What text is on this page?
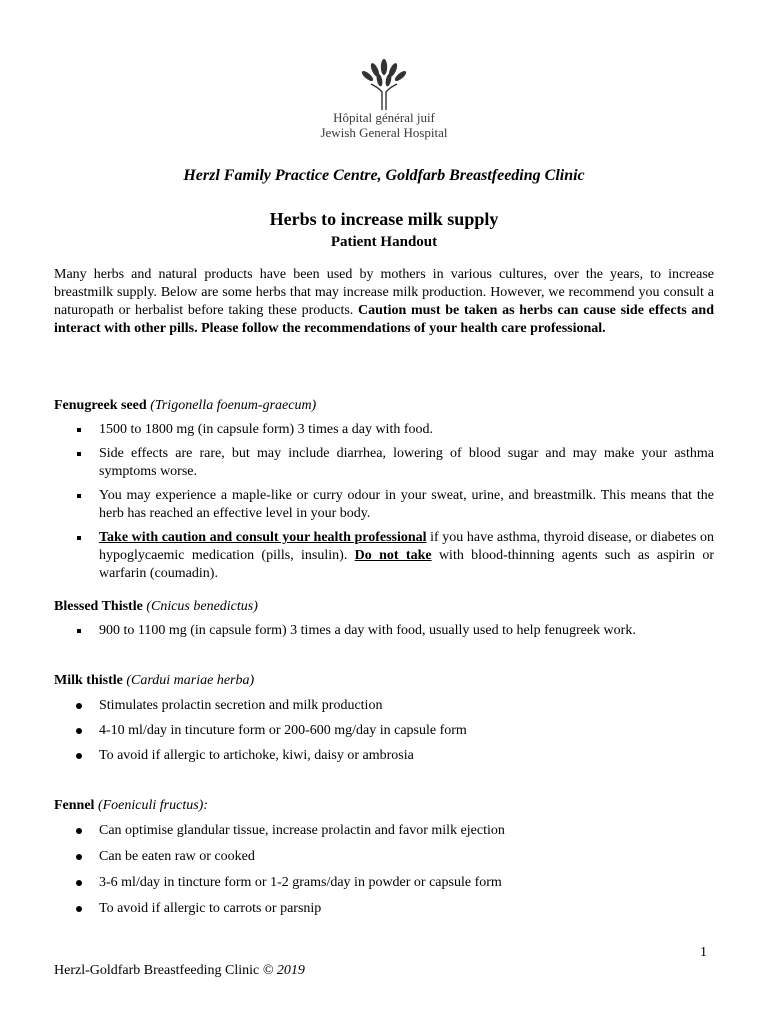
Hôpital général juif
Jewish General Hospital
Herzl Family Practice Centre, Goldfarb Breastfeeding Clinic
Herbs to increase milk supply
Patient Handout

Many herbs and natural products have been used by mothers in various cultures, over the years, to increase breastmilk supply. Below are some herbs that may increase milk production. However, we recommend you consult a naturopath or herbalist before taking these products. Caution must be taken as herbs can cause side effects and interact with other pills. Please follow the recommendations of your health care professional.

Fenugreek seed (Trigonella foenum-graecum)

1500 to 1800 mg (in capsule form) 3 times a day with food.
Side effects are rare, but may include diarrhea, lowering of blood sugar and may make your asthma symptoms worse.
You may experience a maple-like or curry odour in your sweat, urine, and breastmilk. This means that the herb has reached an effective level in your body.
Take with caution and consult your health professional if you have asthma, thyroid disease, or diabetes on hypoglycaemic medication (pills, insulin). Do not take with blood-thinning agents such as aspirin or warfarin (coumadin).

Blessed Thistle (Cnicus benedictus)

900 to 1100 mg (in capsule form) 3 times a day with food, usually used to help fenugreek work.

Milk thistle (Cardui mariae herba)

Stimulates prolactin secretion and milk production
4-10 ml/day in tincuture form or 200-600 mg/day in capsule form
To avoid if allergic to artichoke, kiwi, daisy or ambrosia

Fennel (Foeniculi fructus):

Can optimise glandular tissue, increase prolactin and favor milk ejection
Can be eaten raw or cooked
3-6 ml/day in tincture form or 1-2 grams/day in powder or capsule form
To avoid if allergic to carrots or parsnip
1
Herzl-Goldfarb Breastfeeding Clinic © 2019
